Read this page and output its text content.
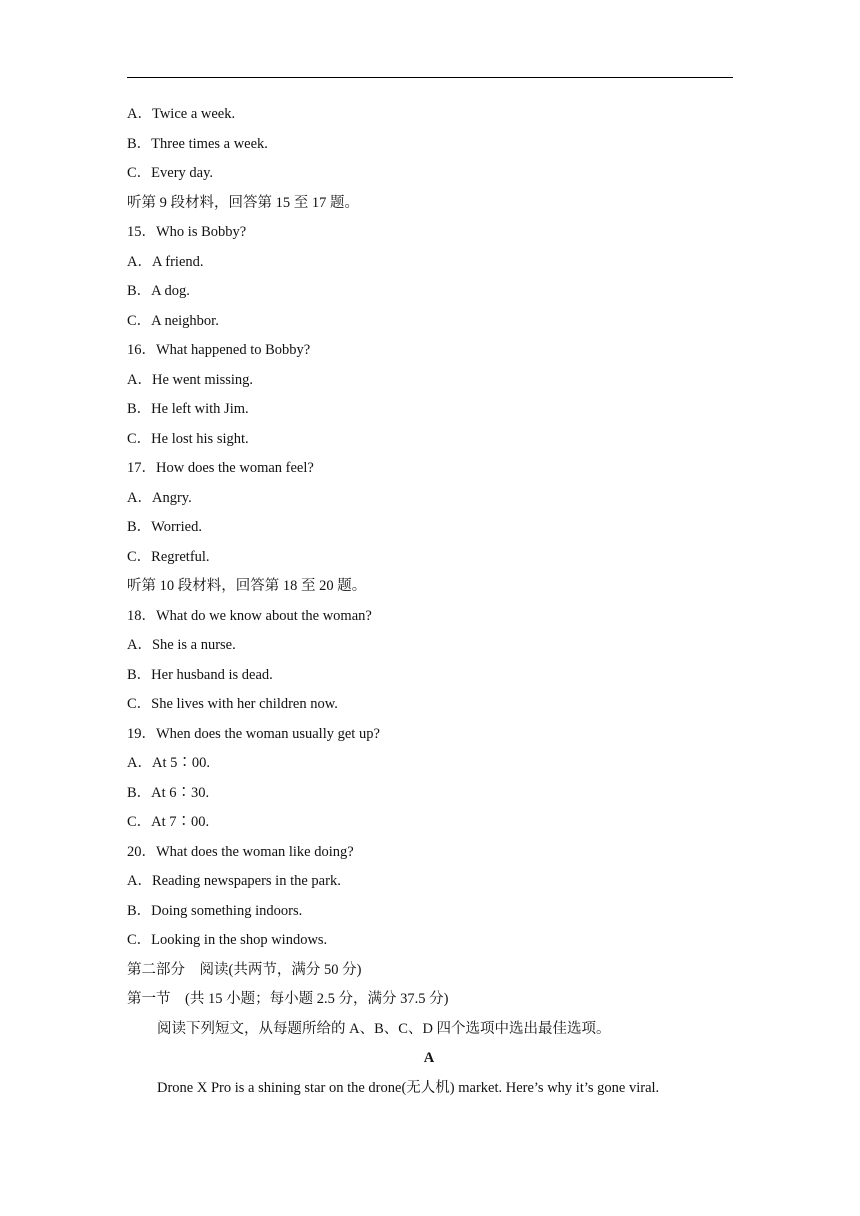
A．Twice a week.
B．Three times a week.
C．Every day.
听第 9 段材料，回答第 15 至 17 题。
15．Who is Bobby?
A．A friend.
B．A dog.
C．A neighbor.
16．What happened to Bobby?
A．He went missing.
B．He left with Jim.
C．He lost his sight.
17．How does the woman feel?
A．Angry.
B．Worried.
C．Regretful.
听第 10 段材料，回答第 18 至 20 题。
18．What do we know about the woman?
A．She is a nurse.
B．Her husband is dead.
C．She lives with her children now.
19．When does the woman usually get up?
A．At 5∶00.
B．At 6∶30.
C．At 7∶00.
20．What does the woman like doing?
A．Reading newspapers in the park.
B．Doing something indoors.
C．Looking in the shop windows.
第二部分　阅读(共两节，满分 50 分)
第一节　(共 15 小题；每小题 2.5 分，满分 37.5 分)
阅读下列短文，从每题所给的 A、B、C、D 四个选项中选出最佳选项。
A
Drone X Pro is a shining star on the drone(无人机) market. Here’s why it’s gone viral.
